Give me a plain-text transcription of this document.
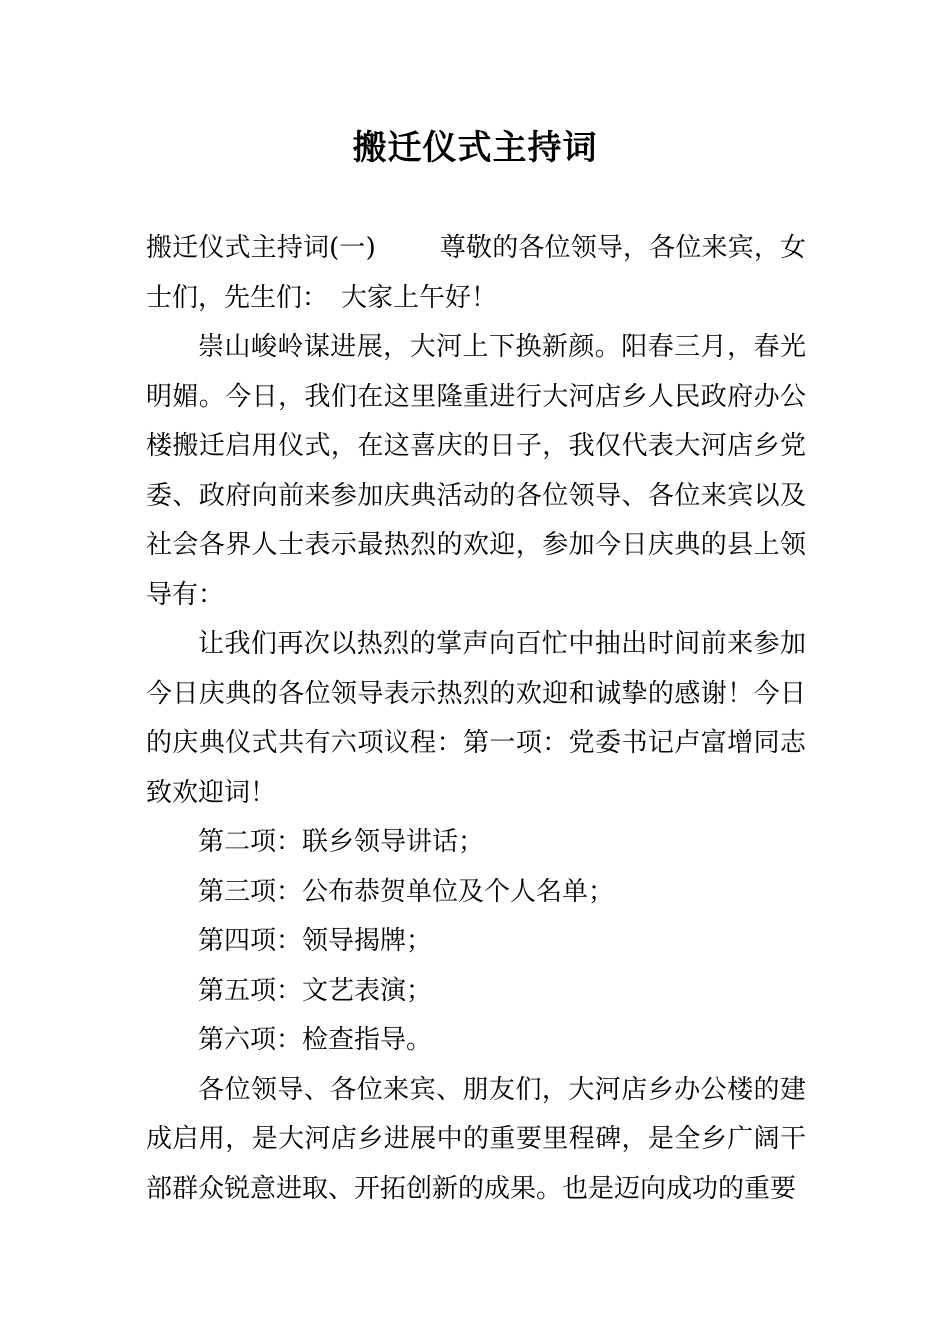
搬迁仪式主持词

搬迁仪式主持词(一) 尊敬的各位领导，各位来宾，女士们，先生们：　大家上午好！

崇山峻岭谋进展，大河上下换新颜。阳春三月，春光明媚。今日，我们在这里隆重进行大河店乡人民政府办公楼搬迁启用仪式，在这喜庆的日子，我仅代表大河店乡党委、政府向前来参加庆典活动的各位领导、各位来宾以及社会各界人士表示最热烈的欢迎，参加今日庆典的县上领导有：

让我们再次以热烈的掌声向百忙中抽出时间前来参加今日庆典的各位领导表示热烈的欢迎和诚挚的感谢！今日的庆典仪式共有六项议程：第一项：党委书记卢富增同志致欢迎词！

第二项：联乡领导讲话；

第三项：公布恭贺单位及个人名单；

第四项：领导揭牌；

第五项：文艺表演；

第六项：检查指导。

各位领导、各位来宾、朋友们，大河店乡办公楼的建成启用，是大河店乡进展中的重要里程碑，是全乡广阔干部群众锐意进取、开拓创新的成果。也是迈向成功的重要
